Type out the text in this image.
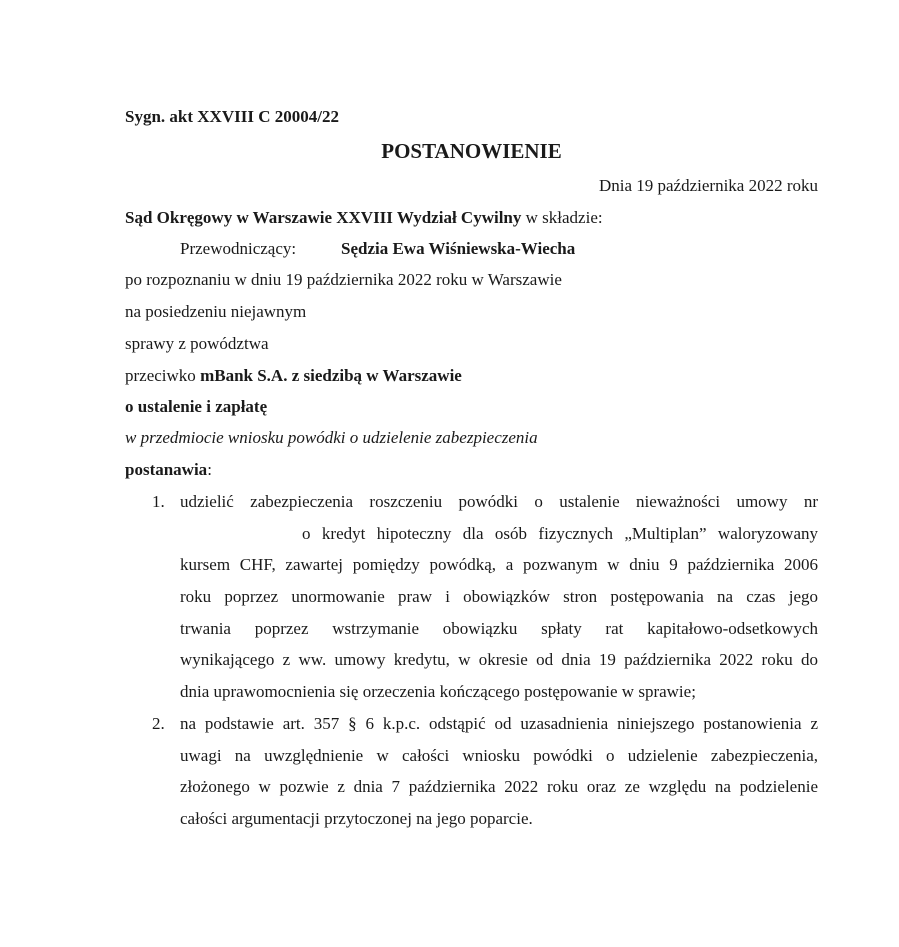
Sygn. akt XXVIII C 20004/22
POSTANOWIENIE
Dnia 19 października 2022 roku
Sąd Okręgowy w Warszawie XXVIII Wydział Cywilny w składzie:
Przewodniczący:	Sędzia Ewa Wiśniewska-Wiecha
po rozpoznaniu w dniu 19 października 2022 roku w Warszawie
na posiedzeniu niejawnym
sprawy z powództwa
przeciwko mBank S.A. z siedzibą w Warszawie
o ustalenie i zapłatę
w przedmiocie wniosku powódki o udzielenie zabezpieczenia
postanawia:
1. udzielić zabezpieczenia roszczeniu powódki o ustalenie nieważności umowy nr
o kredyt hipoteczny dla osób fizycznych „Multiplan” waloryzowany
kursem CHF, zawartej pomiędzy powódką, a pozwanym w dniu 9 października 2006
roku poprzez unormowanie praw i obowiązków stron postępowania na czas jego
trwania poprzez wstrzymanie obowiązku spłaty rat kapitałowo-odsetkowych
wynikającego z ww. umowy kredytu, w okresie od dnia 19 października 2022 roku do
dnia uprawomocnienia się orzeczenia kończącego postępowanie w sprawie;
2. na podstawie art. 357 § 6 k.p.c. odstąpić od uzasadnienia niniejszego postanowienia z
uwagi na uwzględnienie w całości wniosku powódki o udzielenie zabezpieczenia,
złożonego w pozwie z dnia 7 października 2022 roku oraz ze względu na podzielenie
całości argumentacji przytoczonej na jego poparcie.
